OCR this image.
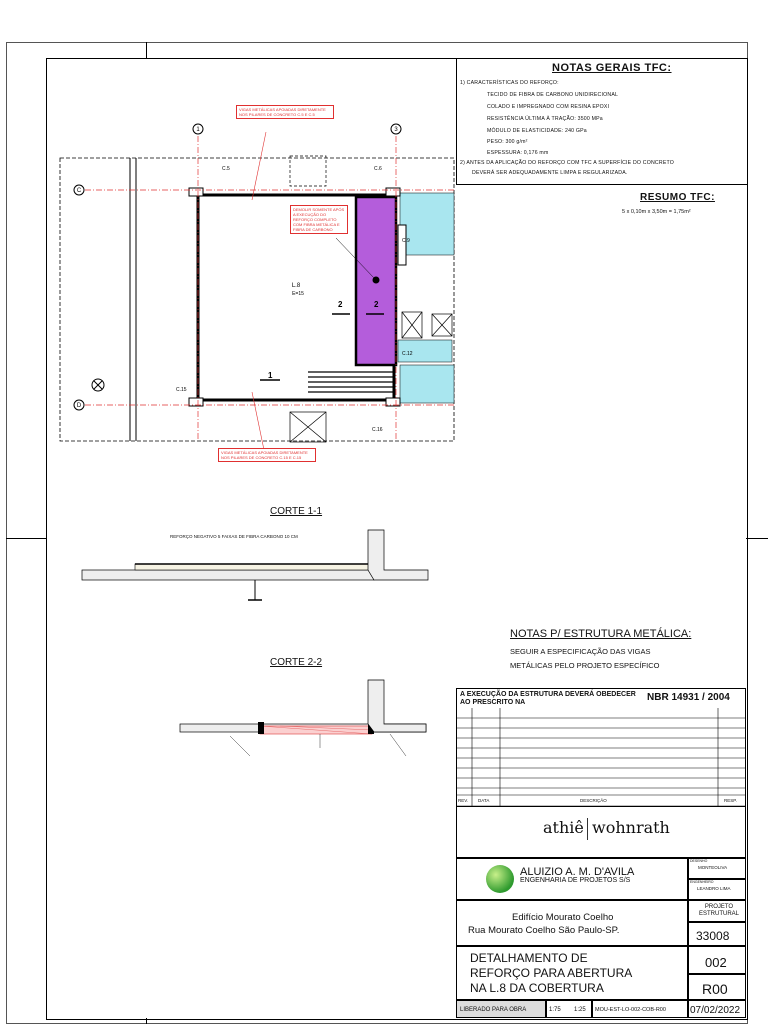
NOTAS GERAIS TFC:
1) CARACTERÍSTICAS DO REFORÇO:
TECIDO DE FIBRA DE CARBONO UNIDIRECIONAL
COLADO E IMPREGNADO COM RESINA EPOXI
RESISTÊNCIA ÚLTIMA À TRAÇÃO: 3500 MPa
MÓDULO DE ELASTICIDADE: 240 GPa
PESO: 300 g/m²
ESPESSURA: 0,176 mm
2) ANTES DA APLICAÇÃO DO REFORÇO COM TFC A SUPERFÍCIE DO CONCRETO
DEVERÁ SER ADEQUADAMENTE LIMPA E REGULARIZADA.
RESUMO TFC:
5 x 0,10m x 3,50m = 1,75m²
1	3
C
D
C.5	C.6
C.9
C.12
C.15
C.16
L.8
E=15
2	2
1
VIGAS METÁLICAS APOIADAS DIRETAMENTE NOS PILARES DE CONCRETO C.5 E C.5
VIGAS METÁLICAS APOIADAS DIRETAMENTE NOS PILARES DE CONCRETO C.15 E C.15
DEMOLIR SOMENTE APÓS A EXECUÇÃO DO REFORÇO COMPLETO COM FIBRA METÁLICA E FIBRA DE CARBONO
CORTE 1-1
REFORÇO NEGATIVO 5 FAIXAS DE FIBRA CARBONO 10 CM
CORTE 2-2
NOTAS P/ ESTRUTURA METÁLICA:
SEGUIR A ESPECIFICAÇÃO DAS VIGAS
METÁLICAS PELO PROJETO ESPECÍFICO
A EXECUÇÃO DA ESTRUTURA DEVERÁ OBEDECER AO PRESCRITO NA	NBR 14931 / 2004
REV. DATA	DESCRIÇÃO	RESP.
athiê wohnrath
ALUIZIO A. M. D'AVILA
ENGENHARIA DE PROJETOS S/S
DESENHO
MONTEOLIVA
ENGENHEIRO
LEANDRO LIMA
Edifício Mourato Coelho
Rua Mourato Coelho São Paulo-SP.
PROJETO ESTRUTURAL
33008
DETALHAMENTO DE
REFORÇO PARA ABERTURA
NA L.8 DA COBERTURA
002
R00
LIBERADO PARA OBRA	1:75 1:25 MOU-EST-LO-002-COB-R00 07/02/2022
